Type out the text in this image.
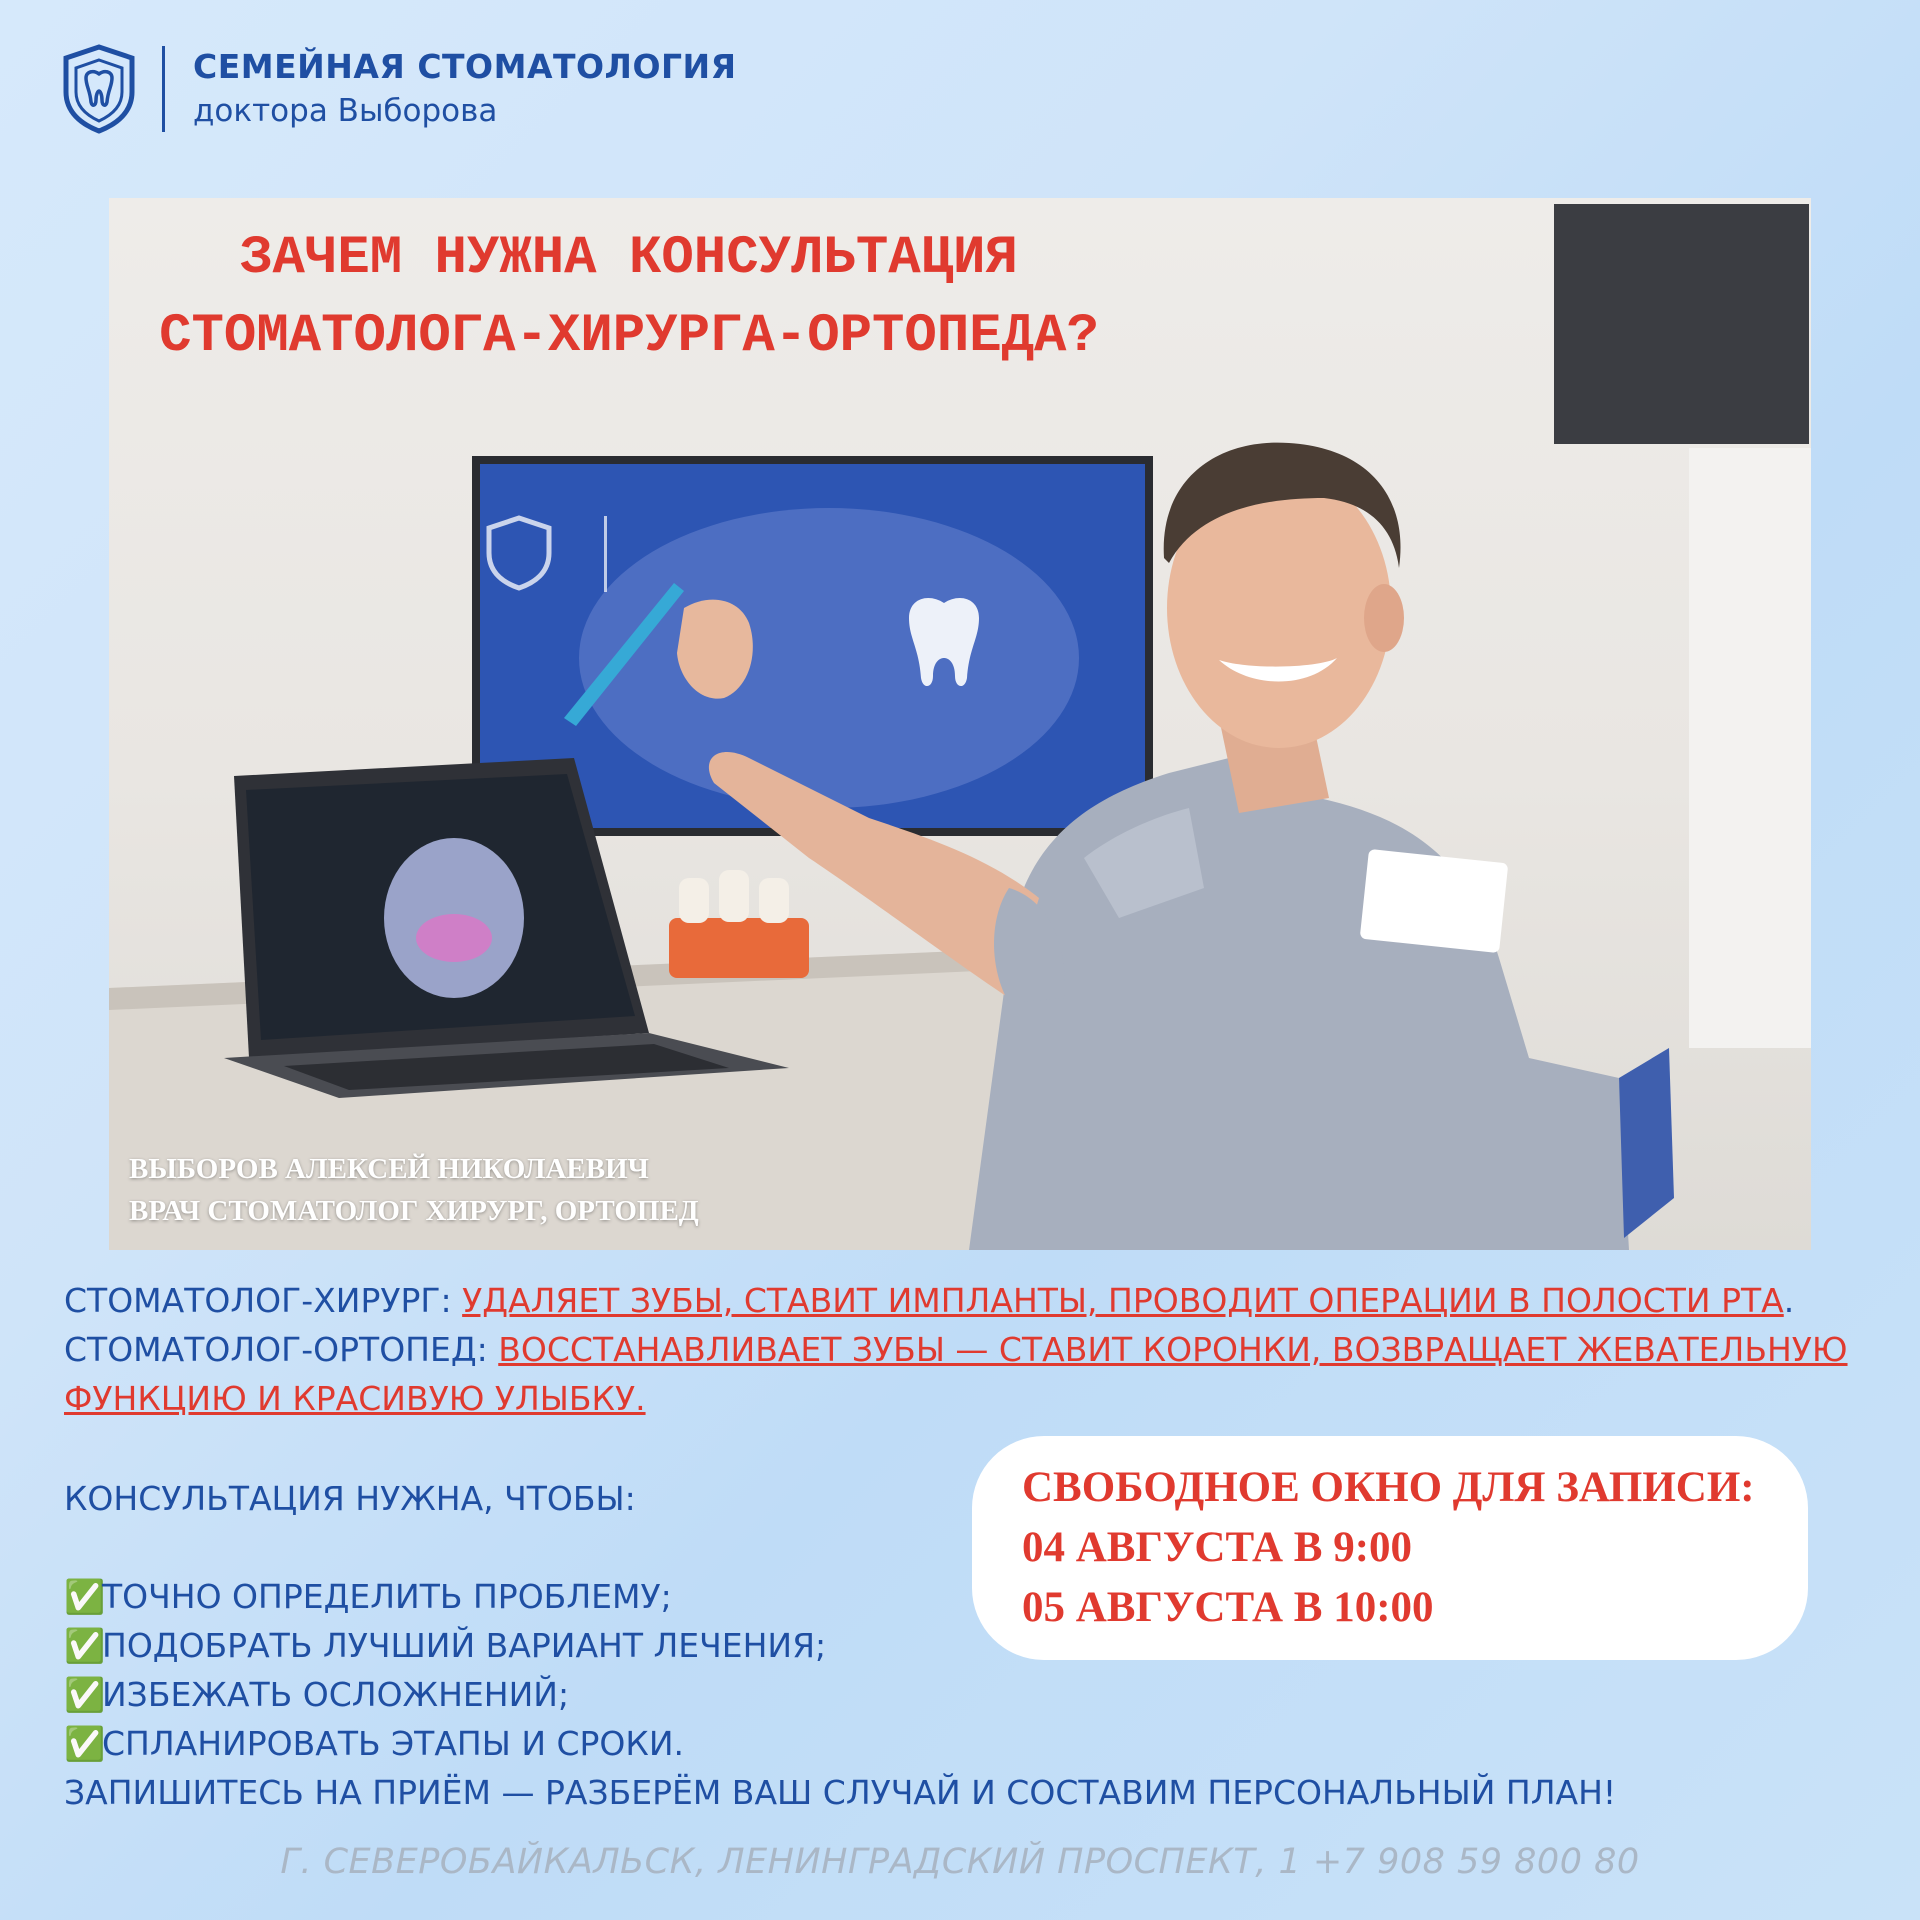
СЕМЕЙНАЯ СТОМАТОЛОГИЯ
доктора Выборова
ЗАЧЕМ НУЖНА КОНСУЛЬТАЦИЯ
СТОМАТОЛОГА-ХИРУРГА-ОРТОПЕДА?
ВЫБОРОВ АЛЕКСЕЙ НИКОЛАЕВИЧ
ВРАЧ СТОМАТОЛОГ ХИРУРГ, ОРТОПЕД
СТОМАТОЛОГ-ХИРУРГ: УДАЛЯЕТ ЗУБЫ, СТАВИТ ИМПЛАНТЫ, ПРОВОДИТ ОПЕРАЦИИ В ПОЛОСТИ РТА.
СТОМАТОЛОГ-ОРТОПЕД: ВОССТАНАВЛИВАЕТ ЗУБЫ — СТАВИТ КОРОНКИ, ВОЗВРАЩАЕТ ЖЕВАТЕЛЬНУЮ ФУНКЦИЮ И КРАСИВУЮ УЛЫБКУ.
КОНСУЛЬТАЦИЯ НУЖНА, ЧТОБЫ:
✅ТОЧНО ОПРЕДЕЛИТЬ ПРОБЛЕМУ;
✅ПОДОБРАТЬ ЛУЧШИЙ ВАРИАНТ ЛЕЧЕНИЯ;
✅ИЗБЕЖАТЬ ОСЛОЖНЕНИЙ;
✅СПЛАНИРОВАТЬ ЭТАПЫ И СРОКИ.
ЗАПИШИТЕСЬ НА ПРИЁМ — РАЗБЕРЁМ ВАШ СЛУЧАЙ И СОСТАВИМ ПЕРСОНАЛЬНЫЙ ПЛАН!
СВОБОДНОЕ ОКНО ДЛЯ ЗАПИСИ:
04 АВГУСТА В 9:00
05 АВГУСТА В 10:00
Г. СЕВЕРОБАЙКАЛЬСК, ЛЕНИНГРАДСКИЙ ПРОСПЕКТ, 1 +7 908 59 800 80
